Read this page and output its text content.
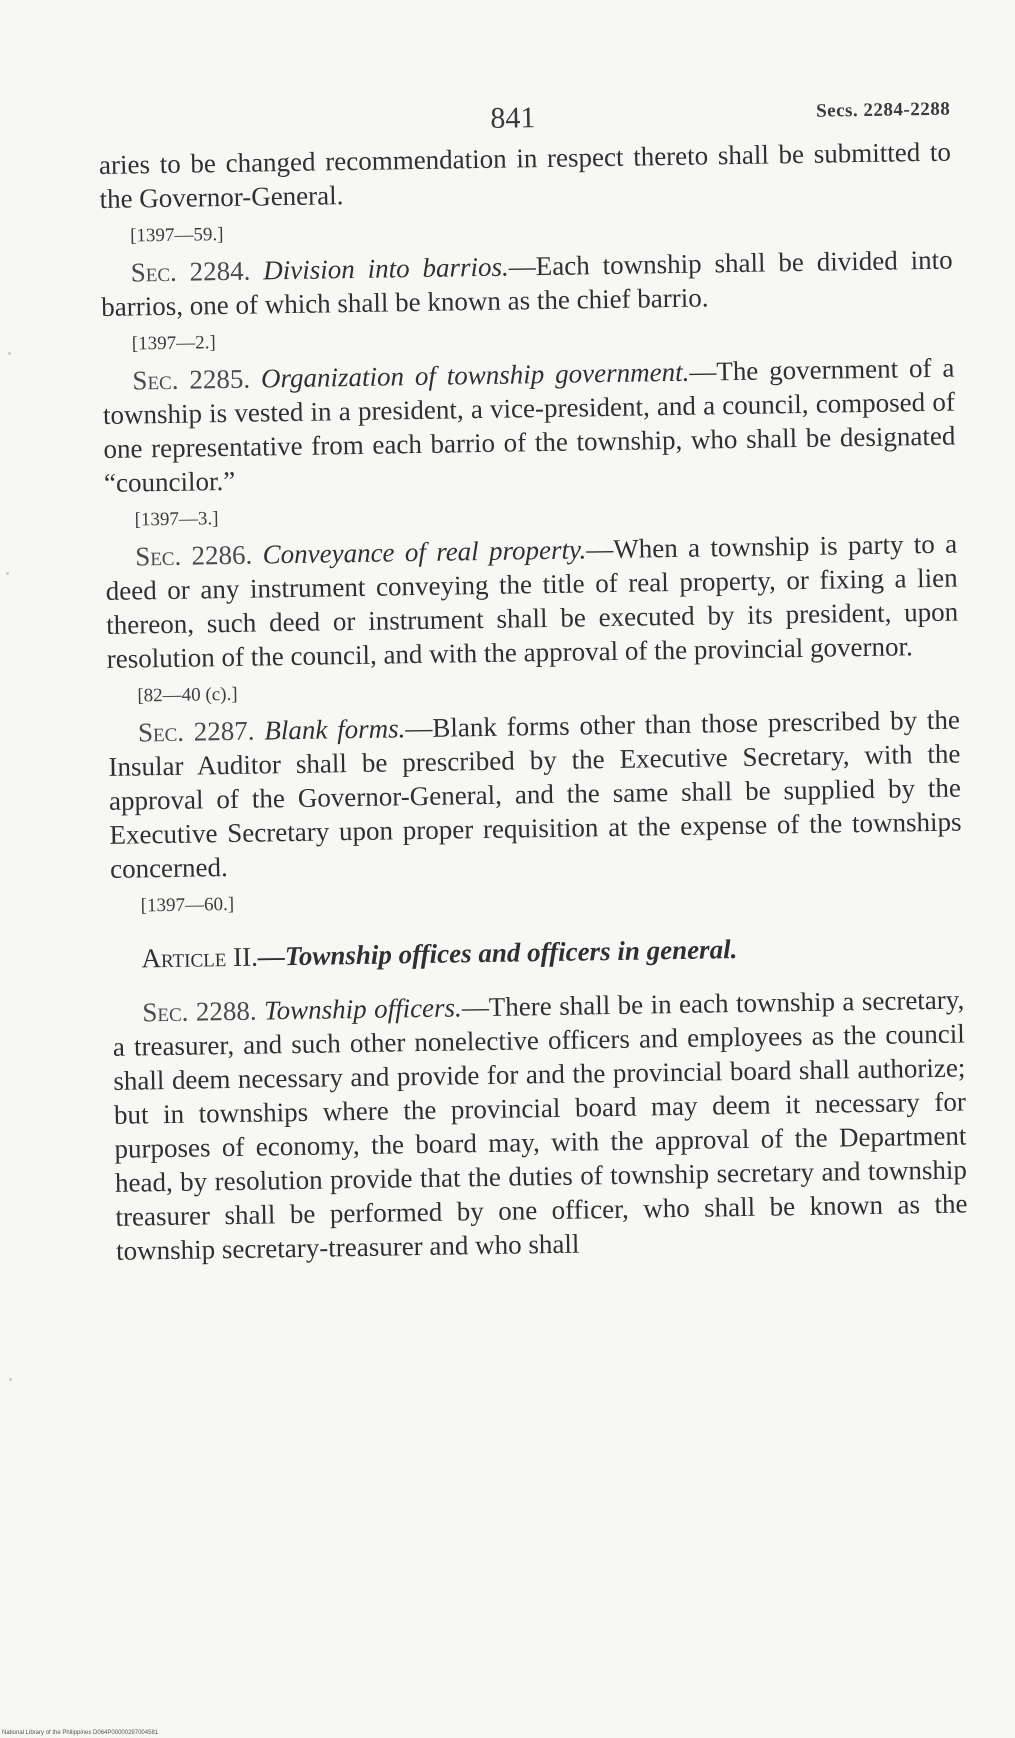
841	Secs. 2284-2288

aries to be changed recommendation in respect thereto shall be submitted to the Governor-General.

[1397—59.]

Sec. 2284. Division into barrios.—Each township shall be divided into barrios, one of which shall be known as the chief barrio.

[1397—2.]

Sec. 2285. Organization of township government.—The government of a township is vested in a president, a vice-president, and a council, composed of one representative from each barrio of the township, who shall be designated “councilor.”

[1397—3.]

Sec. 2286. Conveyance of real property.—When a township is party to a deed or any instrument conveying the title of real property, or fixing a lien thereon, such deed or instrument shall be executed by its president, upon resolution of the council, and with the approval of the provincial governor.

[82—40 (c).]

Sec. 2287. Blank forms.—Blank forms other than those prescribed by the Insular Auditor shall be prescribed by the Executive Secretary, with the approval of the Governor-General, and the same shall be supplied by the Executive Secretary upon proper requisition at the expense of the townships concerned.

[1397—60.]
Article II.—Township offices and officers in general.

Sec. 2288. Township officers.—There shall be in each township a secretary, a treasurer, and such other nonelective officers and employees as the council shall deem necessary and provide for and the provincial board shall authorize; but in townships where the provincial board may deem it necessary for purposes of economy, the board may, with the approval of the Department head, by resolution provide that the duties of township secretary and township treasurer shall be performed by one officer, who shall be known as the township secretary-treasurer and who shall

National Library of the Philippines D064P00000297004581
